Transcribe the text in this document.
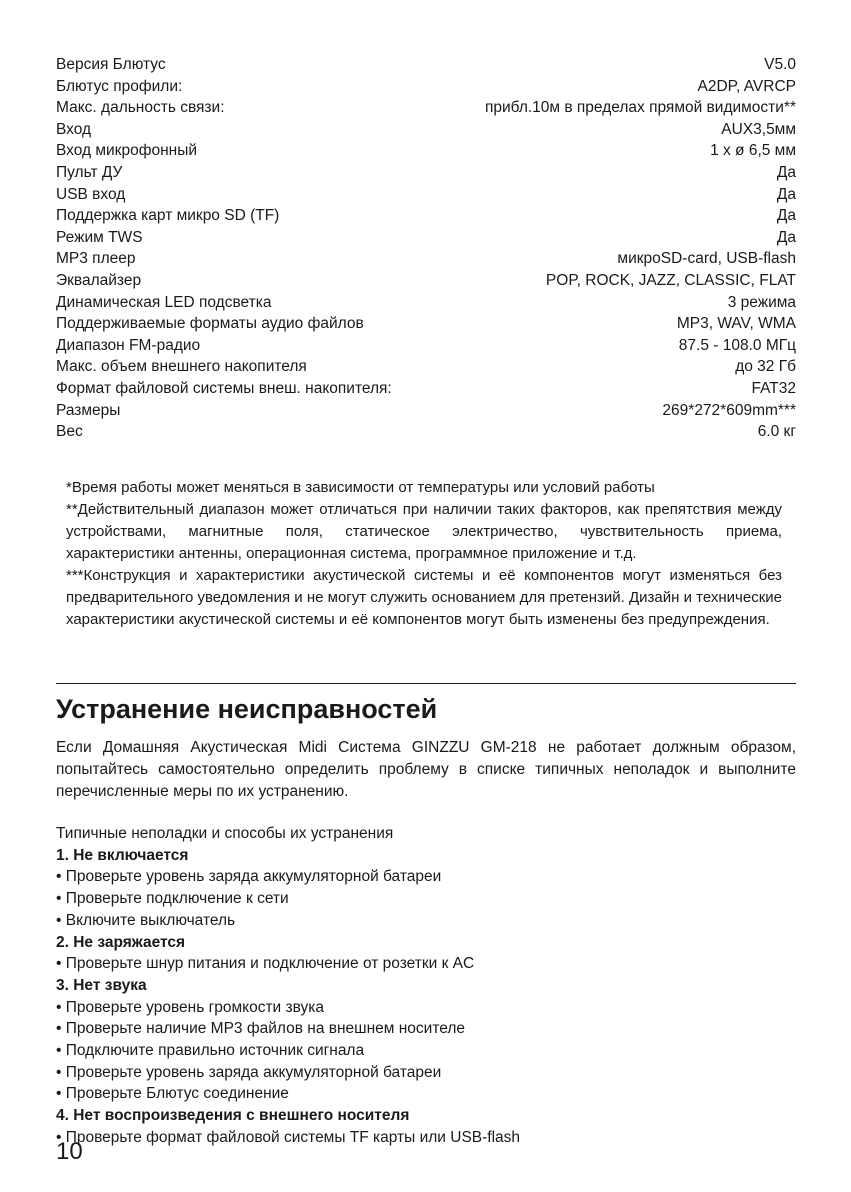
Версия Блютус	V5.0
Блютус профили:	A2DP, AVRCP
Макс. дальность связи:	прибл.10м в пределах прямой видимости**
Вход	AUX3,5мм
Вход микрофонный	1 x ø 6,5 мм
Пульт ДУ	Да
USB вход	Да
Поддержка карт микро SD (TF)	Да
Режим TWS	Да
MP3 плеер	микроSD-card, USB-flash
Эквалайзер	POP, ROCK, JAZZ, CLASSIC, FLAT
Динамическая LED подсветка	3 режима
Поддерживаемые форматы аудио файлов	MP3, WAV, WMA
Диапазон FM-радио	87.5 - 108.0 МГц
Макс. объем внешнего накопителя	до 32 Гб
Формат файловой системы внеш. накопителя:	FAT32
Размеры	269*272*609mm***
Вес	6.0 кг

*Время работы может меняться в зависимости от температуры или условий работы

**Действительный диапазон может отличаться при наличии таких факторов, как препятствия между устройствами, магнитные поля, статическое электричество, чувствительность приема, характеристики антенны, операционная система, программное приложение и т.д.

***Конструкция и характеристики акустической системы и её компонентов могут изменяться без предварительного уведомления и не могут служить основанием для претензий. Дизайн и технические характеристики акустической системы и её компонентов могут быть изменены без предупреждения.

Устранение неисправностей

Если Домашняя Акустическая Midi Система GINZZU GM-218 не работает должным образом, попытайтесь самостоятельно определить проблему в списке типичных неполадок и выполните перечисленные меры по их устранению.

Типичные неполадки и способы их устранения
1. Не включается
• Проверьте уровень заряда аккумуляторной батареи
• Проверьте подключение к сети
• Включите выключатель
2. Не заряжается
• Проверьте шнур питания и подключение от розетки к AC
3. Нет звука
• Проверьте уровень громкости звука
• Проверьте наличие MP3 файлов на внешнем носителе
• Подключите правильно источник сигнала
• Проверьте уровень заряда аккумуляторной батареи
• Проверьте Блютус соединение
4. Нет воспроизведения с внешнего носителя
• Проверьте формат файловой системы TF карты или USB-flash
10
